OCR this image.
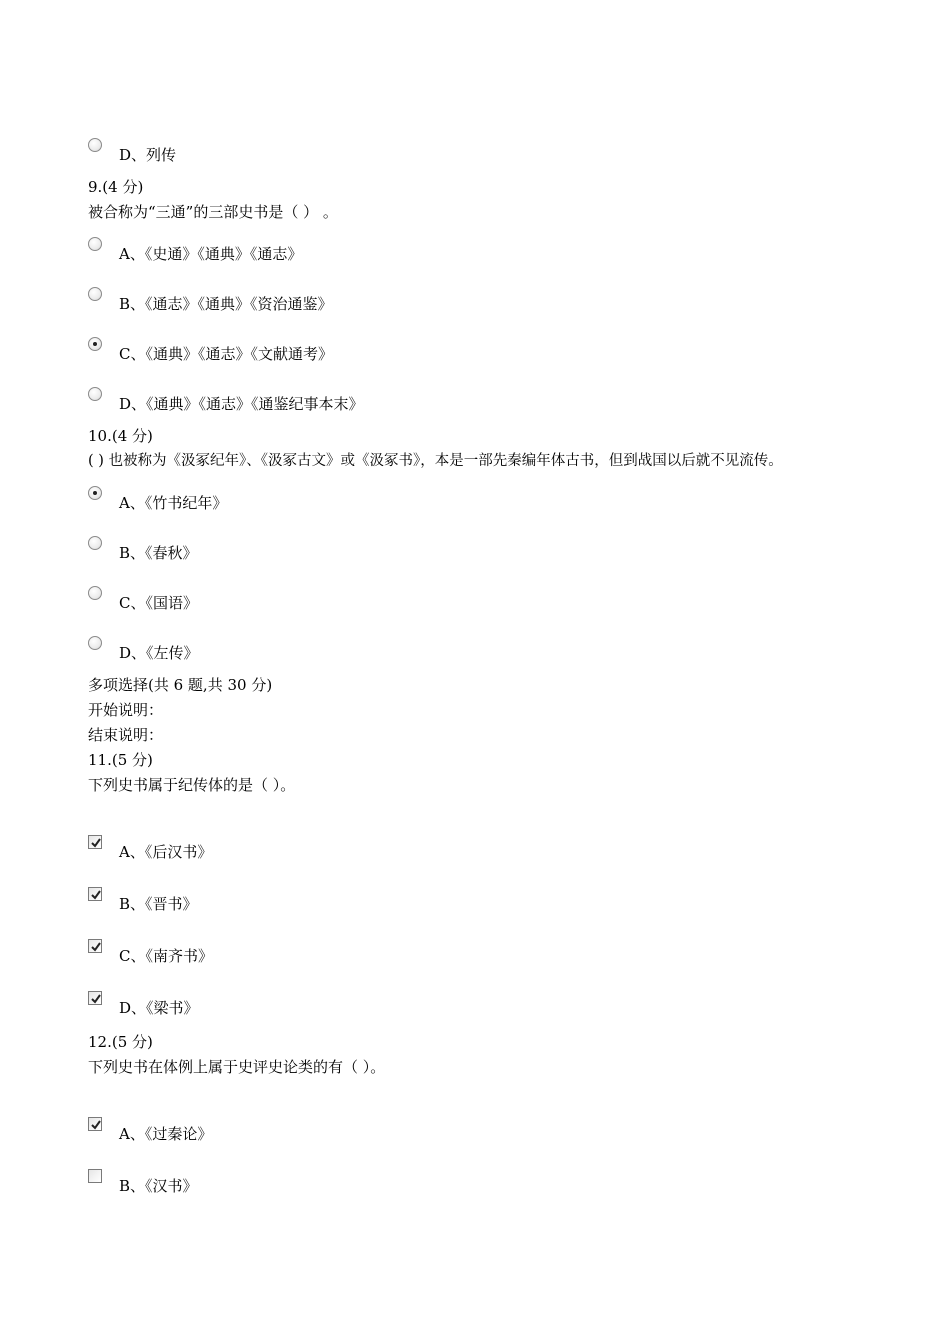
D、列传
9.(4 分)
被合称为“三通”的三部史书是（ ） 。
A、《史通》《通典》《通志》
B、《通志》《通典》《资治通鉴》
C、《通典》《通志》《文献通考》
D、《通典》《通志》《通鉴纪事本末》
10.(4 分)
( ) 也被称为《汲冢纪年》、《汲冢古文》或《汲冢书》，本是一部先秦编年体古书，但到战国以后就不见流传。
A、《竹书纪年》
B、《春秋》
C、《国语》
D、《左传》
多项选择(共 6 题,共 30 分)
开始说明：
结束说明：
11.(5 分)
下列史书属于纪传体的是（ ）。
A、《后汉书》
B、《晋书》
C、《南齐书》
D、《梁书》
12.(5 分)
下列史书在体例上属于史评史论类的有（ ）。
A、《过秦论》
B、《汉书》
